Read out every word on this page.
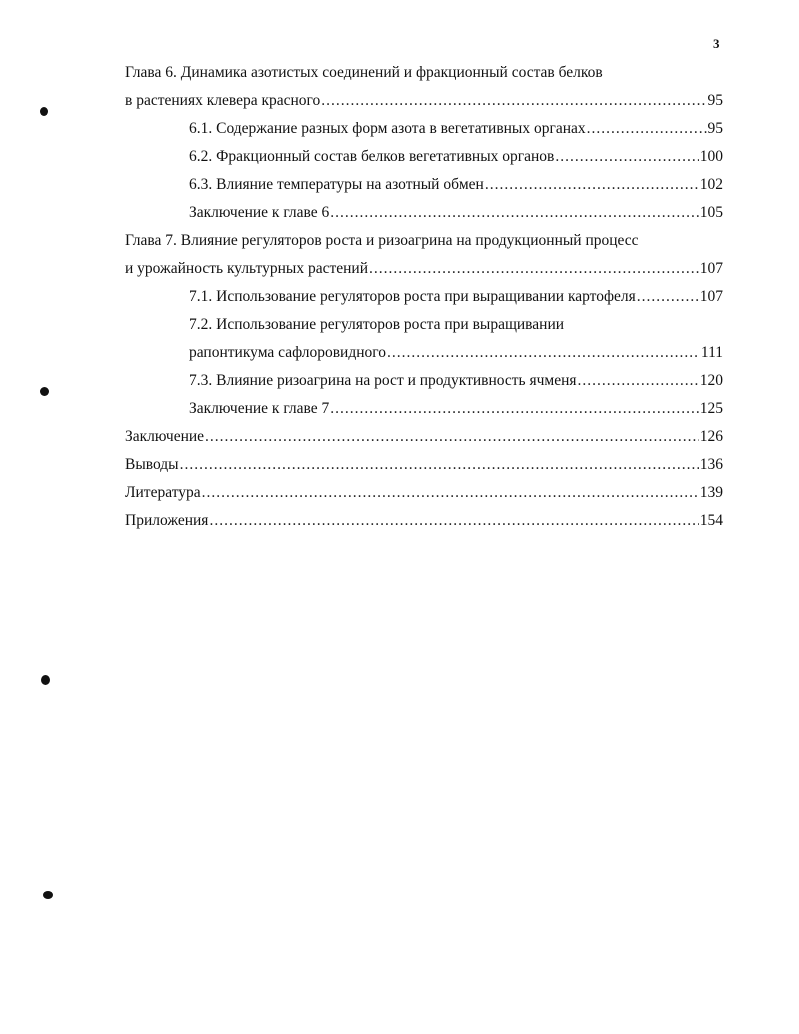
3
Глава 6. Динамика азотистых соединений и фракционный состав белков
в растениях клевера красного .....	95
6.1. Содержание разных форм азота в вегетативных органах .....	95
6.2. Фракционный состав белков вегетативных органов .....	100
6.3. Влияние температуры на азотный обмен .....	102
Заключение к главе 6 .....	105
Глава 7. Влияние регуляторов роста и ризоагрина на продукционный процесс
и урожайность культурных растений .....	107
7.1. Использование регуляторов роста при выращивании картофеля .....	107
7.2. Использование регуляторов роста при выращивании
рапонтикума сафлоровидного .....	111
7.3. Влияние ризоагрина на рост и продуктивность ячменя .....	120
Заключение к главе 7 .....	125
Заключение .....	126
Выводы .....	136
Литература .....	139
Приложения .....	154
